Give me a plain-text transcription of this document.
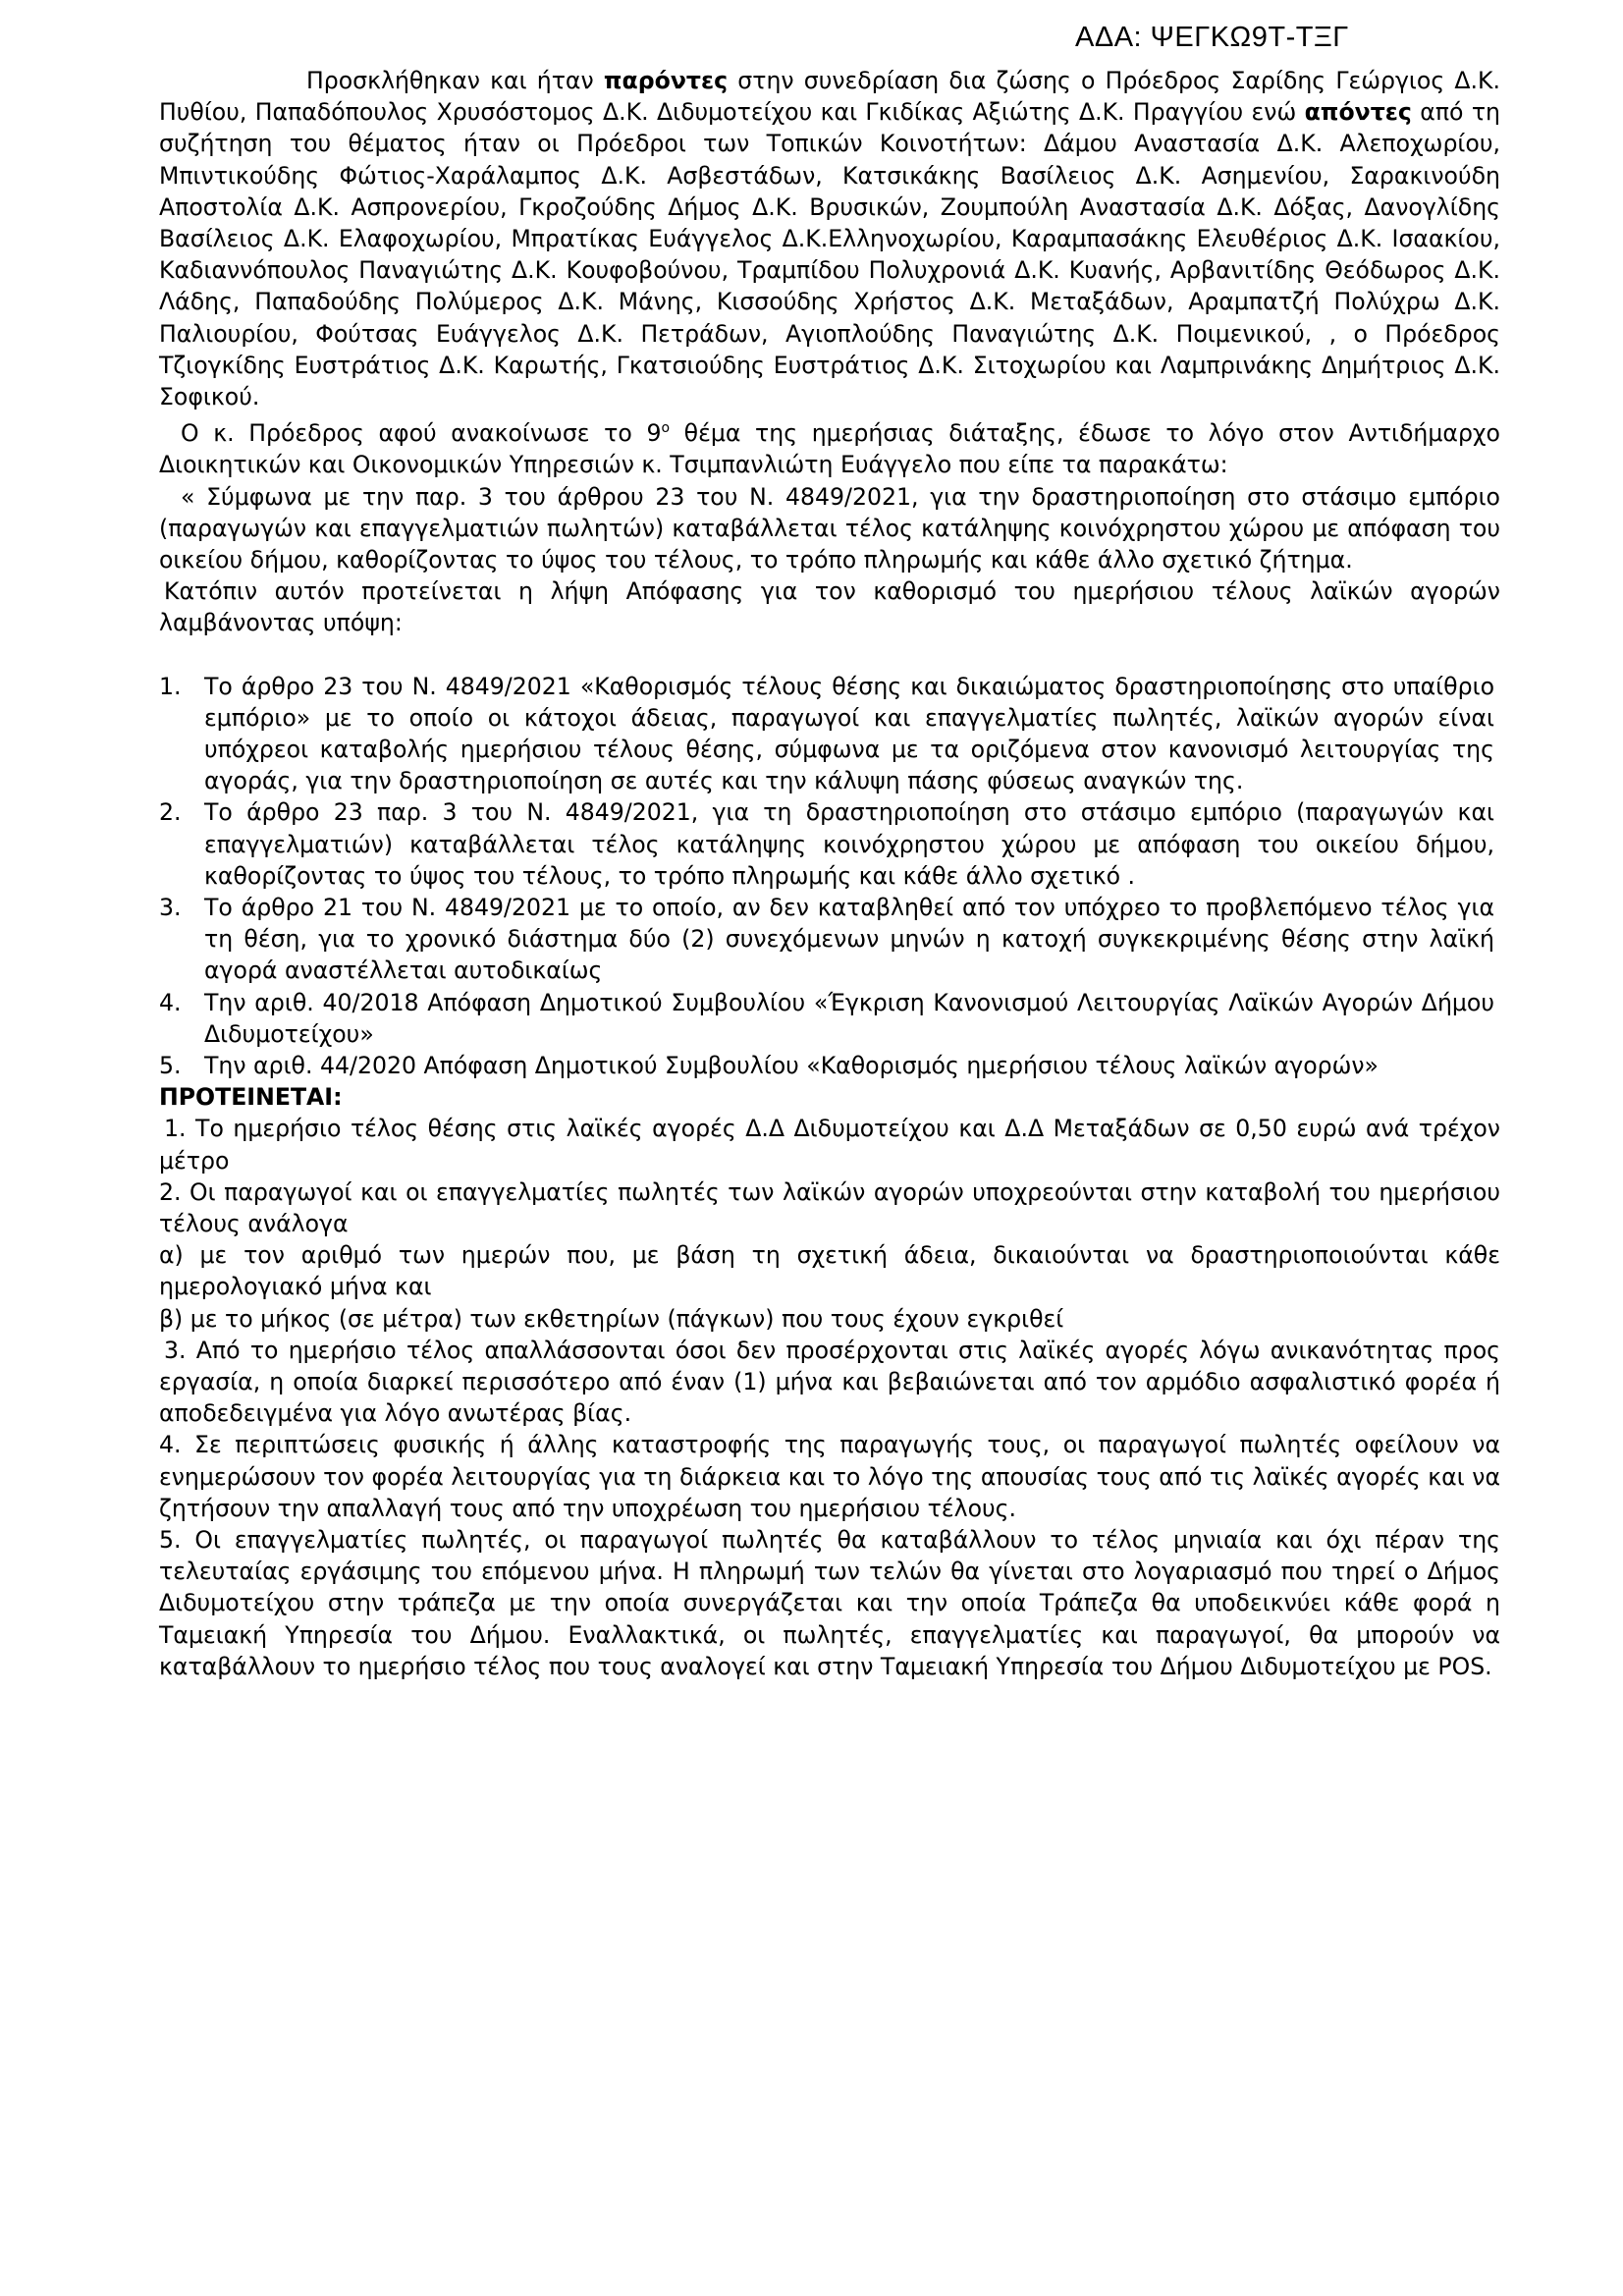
ΑΔΑ: ΨΕΓΚΩ9Τ-ΤΞΓ

Προσκλήθηκαν και ήταν παρόντες στην συνεδρίαση δια ζώσης ο Πρόεδρος Σαρίδης Γεώργιος Δ.Κ. Πυθίου, Παπαδόπουλος Χρυσόστομος Δ.Κ. Διδυμοτείχου και Γκιδίκας Αξιώτης Δ.Κ. Πραγγίου ενώ απόντες από τη συζήτηση του θέματος ήταν οι Πρόεδροι των Τοπικών Κοινοτήτων: Δάμου Αναστασία Δ.Κ. Αλεποχωρίου, Μπιντικούδης Φώτιος-Χαράλαμπος Δ.Κ. Ασβεστάδων, Κατσικάκης Βασίλειος Δ.Κ. Ασημενίου, Σαρακινούδη Αποστολία Δ.Κ. Ασπρονερίου, Γκροζούδης Δήμος Δ.Κ. Βρυσικών, Ζουμπούλη Αναστασία Δ.Κ. Δόξας, Δανογλίδης Βασίλειος Δ.Κ. Ελαφοχωρίου, Μπρατίκας Ευάγγελος Δ.Κ.Ελληνοχωρίου, Καραμπασάκης Ελευθέριος Δ.Κ. Ισαακίου, Καδιαννόπουλος Παναγιώτης Δ.Κ. Κουφοβούνου, Τραμπίδου Πολυχρονιά Δ.Κ. Κυανής, Αρβανιτίδης Θεόδωρος Δ.Κ. Λάδης, Παπαδούδης Πολύμερος Δ.Κ. Μάνης, Κισσούδης Χρήστος Δ.Κ. Μεταξάδων, Αραμπατζή Πολύχρω Δ.Κ. Παλιουρίου, Φούτσας Ευάγγελος Δ.Κ. Πετράδων, Αγιοπλούδης Παναγιώτης Δ.Κ. Ποιμενικού, , ο Πρόεδρος Τζιογκίδης Ευστράτιος Δ.Κ. Καρωτής, Γκατσιούδης Ευστράτιος Δ.Κ. Σιτοχωρίου και Λαμπρινάκης Δημήτριος Δ.Κ. Σοφικού.

Ο κ. Πρόεδρος αφού ανακοίνωσε το $9^o$ θέμα της ημερήσιας διάταξης, έδωσε το λόγο στον Αντιδήμαρχο Διοικητικών και Οικονομικών Υπηρεσιών κ. Τσιμπανλιώτη Ευάγγελο που είπε τα παρακάτω:

« Σύμφωνα με την παρ. 3 του άρθρου 23 του Ν. 4849/2021, για την δραστηριοποίηση στο στάσιμο εμπόριο (παραγωγών και επαγγελματιών πωλητών) καταβάλλεται τέλος κατάληψης κοινόχρηστου χώρου με απόφαση του οικείου δήμου, καθορίζοντας το ύψος του τέλους, το τρόπο πληρωμής και κάθε άλλο σχετικό ζήτημα.

Κατόπιν αυτόν προτείνεται η λήψη Απόφασης για τον καθορισμό του ημερήσιου τέλους λαϊκών αγορών λαμβάνοντας υπόψη:

1. Το άρθρο 23 του Ν. 4849/2021 «Καθορισμός τέλους θέσης και δικαιώματος δραστηριοποίησης στο υπαίθριο εμπόριο» με το οποίο οι κάτοχοι άδειας, παραγωγοί και επαγγελματίες πωλητές, λαϊκών αγορών είναι υπόχρεοι καταβολής ημερήσιου τέλους θέσης, σύμφωνα με τα οριζόμενα στον κανονισμό λειτουργίας της αγοράς, για την δραστηριοποίηση σε αυτές και την κάλυψη πάσης φύσεως αναγκών της.
2. Το άρθρο 23 παρ. 3 του Ν. 4849/2021, για τη δραστηριοποίηση στο στάσιμο εμπόριο (παραγωγών και επαγγελματιών) καταβάλλεται τέλος κατάληψης κοινόχρηστου χώρου με απόφαση του οικείου δήμου, καθορίζοντας το ύψος του τέλους, το τρόπο πληρωμής και κάθε άλλο σχετικό .
3. Το άρθρο 21 του Ν. 4849/2021 με το οποίο, αν δεν καταβληθεί από τον υπόχρεο το προβλεπόμενο τέλος για τη θέση, για το χρονικό διάστημα δύο (2) συνεχόμενων μηνών η κατοχή συγκεκριμένης θέσης στην λαϊκή αγορά αναστέλλεται αυτοδικαίως
4. Την αριθ. 40/2018 Απόφαση Δημοτικού Συμβουλίου «Έγκριση Κανονισμού Λειτουργίας Λαϊκών Αγορών Δήμου Διδυμοτείχου»
5. Την αριθ. 44/2020 Απόφαση Δημοτικού Συμβουλίου «Καθορισμός ημερήσιου τέλους λαϊκών αγορών»

ΠΡΟΤΕΙΝΕΤΑΙ:

1. Το ημερήσιο τέλος θέσης στις λαϊκές αγορές Δ.Δ Διδυμοτείχου και Δ.Δ Μεταξάδων σε 0,50 ευρώ ανά τρέχον μέτρο

2. Οι παραγωγοί και οι επαγγελματίες πωλητές των λαϊκών αγορών υποχρεούνται στην καταβολή του ημερήσιου τέλους ανάλογα

α) με τον αριθμό των ημερών που, με βάση τη σχετική άδεια, δικαιούνται να δραστηριοποιούνται κάθε ημερολογιακό μήνα και

β) με το μήκος (σε μέτρα) των εκθετηρίων (πάγκων) που τους έχουν εγκριθεί

3. Από το ημερήσιο τέλος απαλλάσσονται όσοι δεν προσέρχονται στις λαϊκές αγορές λόγω ανικανότητας προς εργασία, η οποία διαρκεί περισσότερο από έναν (1) μήνα και βεβαιώνεται από τον αρμόδιο ασφαλιστικό φορέα ή αποδεδειγμένα για λόγο ανωτέρας βίας.

4. Σε περιπτώσεις φυσικής ή άλλης καταστροφής της παραγωγής τους, οι παραγωγοί πωλητές οφείλουν να ενημερώσουν τον φορέα λειτουργίας για τη διάρκεια και το λόγο της απουσίας τους από τις λαϊκές αγορές και να ζητήσουν την απαλλαγή τους από την υποχρέωση του ημερήσιου τέλους.

5. Οι επαγγελματίες πωλητές, οι παραγωγοί πωλητές θα καταβάλλουν το τέλος μηνιαία και όχι πέραν της τελευταίας εργάσιμης του επόμενου μήνα. Η πληρωμή των τελών θα γίνεται στο λογαριασμό που τηρεί ο Δήμος Διδυμοτείχου στην τράπεζα με την οποία συνεργάζεται και την οποία Τράπεζα θα υποδεικνύει κάθε φορά η Ταμειακή Υπηρεσία του Δήμου. Εναλλακτικά, οι πωλητές, επαγγελματίες και παραγωγοί, θα μπορούν να καταβάλλουν το ημερήσιο τέλος που τους αναλογεί και στην Ταμειακή Υπηρεσία του Δήμου Διδυμοτείχου με POS.
